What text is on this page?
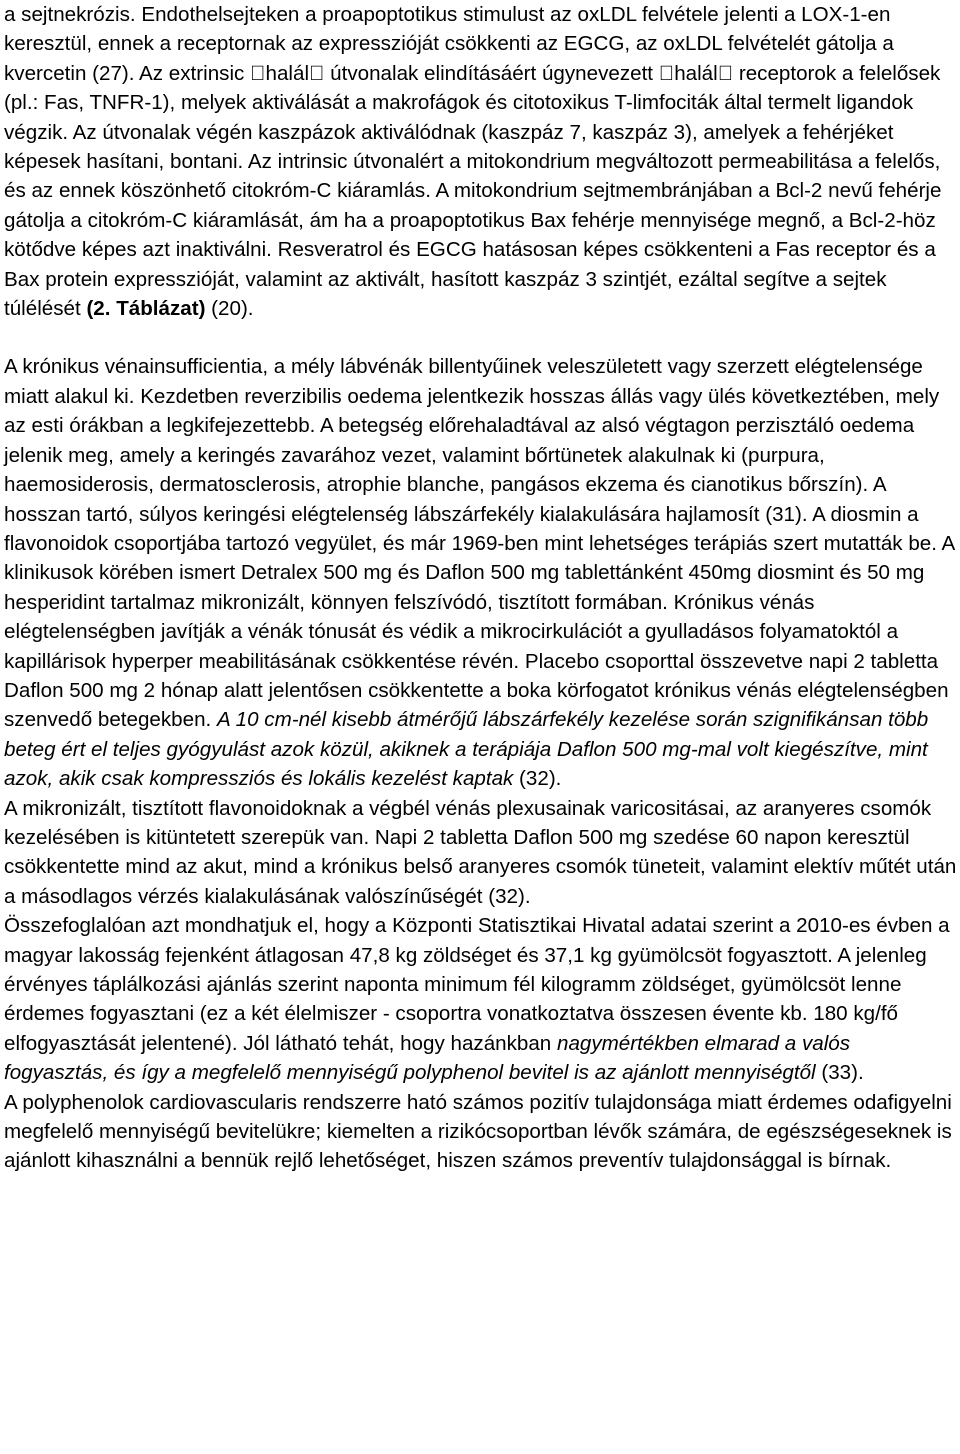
a sejtnekrózis. Endothelsejteken a proapoptotikus stimulust az oxLDL felvétele jelenti a LOX-1-en keresztül, ennek a receptornak az expresszióját csökkenti az EGCG, az oxLDL felvételét gátolja a kvercetin (27). Az extrinsic halál útvonalak elindításáért úgynevezett halál receptorok a felelősek (pl.: Fas, TNFR-1), melyek aktiválását a makrofágok és citotoxikus T-limfociták által termelt ligandok végzik. Az útvonalak végén kaszpázok aktiválódnak (kaszpáz 7, kaszpáz 3), amelyek a fehérjéket képesek hasítani, bontani. Az intrinsic útvonalért a mitokondrium megváltozott permeabilitása a felelős, és az ennek köszönhető citokróm-C kiáramlás. A mitokondrium sejtmembránjában a Bcl-2 nevű fehérje gátolja a citokróm-C kiáramlását, ám ha a proapoptotikus Bax fehérje mennyisége megnő, a Bcl-2-höz kötődve képes azt inaktiválni. Resveratrol és EGCG hatásosan képes csökkenteni a Fas receptor és a Bax protein expresszióját, valamint az aktivált, hasított kaszpáz 3 szintjét, ezáltal segítve a sejtek túlélését (2. Táblázat) (20).

A krónikus vénainsufficientia, a mély lábvénák billentyűinek veleszületett vagy szerzett elégtelensége miatt alakul ki. Kezdetben reverzibilis oedema jelentkezik hosszas állás vagy ülés következtében, mely az esti órákban a legkifejezettebb. A betegség előrehaladtával az alsó végtagon perzisztáló oedema jelenik meg, amely a keringés zavarához vezet, valamint bőrtünetek alakulnak ki (purpura, haemosiderosis, dermatosclerosis, atrophie blanche, pangásos ekzema és cianotikus bőrszín). A hosszan tartó, súlyos keringési elégtelenség lábszárfekély kialakulására hajlamosít (31). A diosmin a flavonoidok csoportjába tartozó vegyület, és már 1969-ben mint lehetséges terápiás szert mutatták be. A klinikusok körében ismert Detralex 500 mg és Daflon 500 mg tablettánként 450mg diosmint és 50 mg hesperidint tartalmaz mikronizált, könnyen felszívódó, tisztított formában. Krónikus vénás elégtelenségben javítják a vénák tónusát és védik a mikrocirkulációt a gyulladásos folyamatoktól a kapillárisok hyperper meabilitásának csökkentése révén. Placebo csoporttal összevetve napi 2 tabletta Daflon 500 mg 2 hónap alatt jelentősen csökkentette a boka körfogatot krónikus vénás elégtelenségben szenvedő betegekben. A 10 cm-nél kisebb átmérőjű lábszárfekély kezelése során szignifikánsan több beteg ért el teljes gyógyulást azok közül, akiknek a terápiája Daflon 500 mg-mal volt kiegészítve, mint azok, akik csak kompressziós és lokális kezelést kaptak (32).

A mikronizált, tisztított flavonoidoknak a végbél vénás plexusainak varicositásai, az aranyeres csomók kezelésében is kitüntetett szerepük van. Napi 2 tabletta Daflon 500 mg szedése 60 napon keresztül csökkentette mind az akut, mind a krónikus belső aranyeres csomók tüneteit, valamint elektív műtét után a másodlagos vérzés kialakulásának valószínűségét (32).

Összefoglalóan azt mondhatjuk el, hogy a Központi Statisztikai Hivatal adatai szerint a 2010-es évben a magyar lakosság fejenként átlagosan 47,8 kg zöldséget és 37,1 kg gyümölcsöt fogyasztott. A jelenleg érvényes táplálkozási ajánlás szerint naponta minimum fél kilogramm zöldséget, gyümölcsöt lenne érdemes fogyasztani (ez a két élelmiszer - csoportra vonatkoztatva összesen évente kb. 180 kg/fő elfogyasztását jelentené). Jól látható tehát, hogy hazánkban nagymértékben elmarad a valós fogyasztás, és így a megfelelő mennyiségű polyphenol bevitel is az ajánlott mennyiségtől (33).

A polyphenolok cardiovascularis rendszerre ható számos pozitív tulajdonsága miatt érdemes odafigyelni megfelelő mennyiségű bevitelükre; kiemelten a rizikócsoportban lévők számára, de egészségeseknek is ajánlott kihasználni a bennük rejlő lehetőséget, hiszen számos preventív tulajdonsággal is bírnak.
